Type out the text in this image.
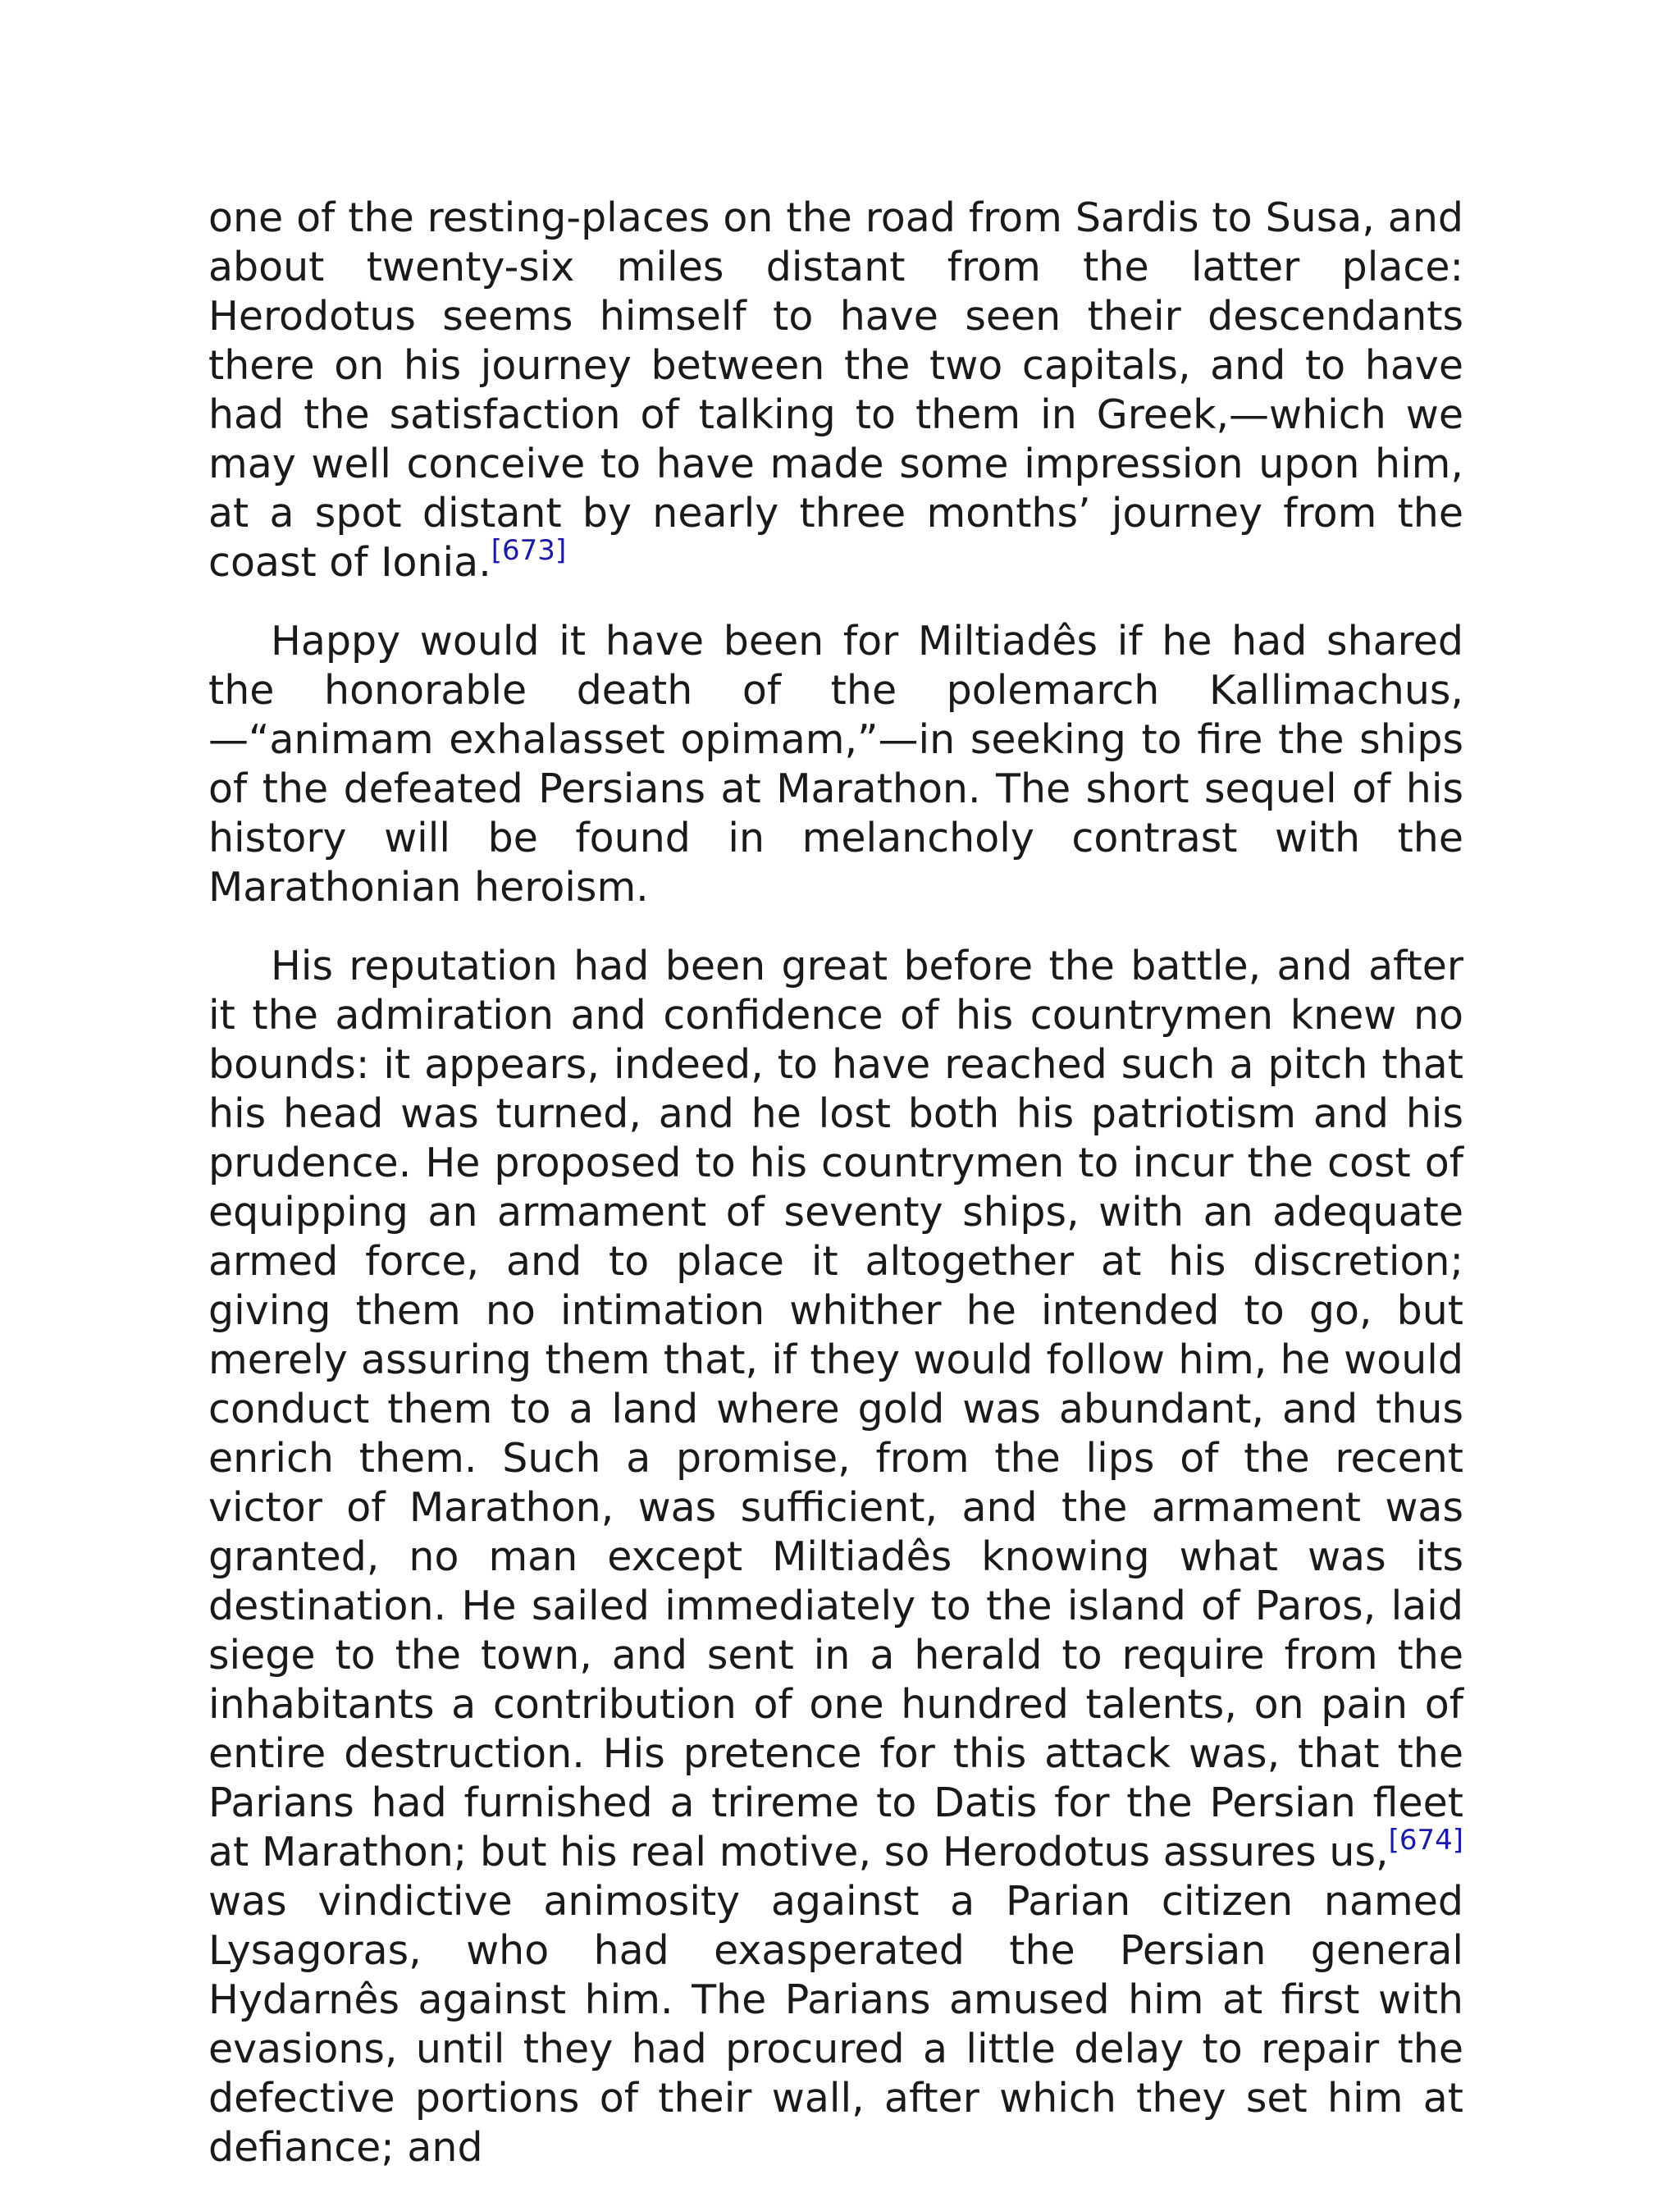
one of the resting-places on the road from Sardis to Susa, and about twenty-six miles distant from the latter place: Herodotus seems himself to have seen their descendants there on his journey between the two capitals, and to have had the satisfaction of talking to them in Greek,—which we may well conceive to have made some impression upon him, at a spot distant by nearly three months’ journey from the coast of Ionia.[673]

Happy would it have been for Miltiadês if he had shared the honorable death of the polemarch Kallimachus,—“animam exhalasset opimam,”—in seeking to fire the ships of the defeated Persians at Marathon. The short sequel of his history will be found in melancholy contrast with the Marathonian heroism.

His reputation had been great before the battle, and after it the admiration and confidence of his countrymen knew no bounds: it appears, indeed, to have reached such a pitch that his head was turned, and he lost both his patriotism and his prudence. He proposed to his countrymen to incur the cost of equipping an armament of seventy ships, with an adequate armed force, and to place it altogether at his discretion; giving them no intimation whither he intended to go, but merely assuring them that, if they would follow him, he would conduct them to a land where gold was abundant, and thus enrich them. Such a promise, from the lips of the recent victor of Marathon, was sufficient, and the armament was granted, no man except Miltiadês knowing what was its destination. He sailed immediately to the island of Paros, laid siege to the town, and sent in a herald to require from the inhabitants a contribution of one hundred talents, on pain of entire destruction. His pretence for this attack was, that the Parians had furnished a trireme to Datis for the Persian fleet at Marathon; but his real motive, so Herodotus assures us,[674] was vindictive animosity against a Parian citizen named Lysagoras, who had exasperated the Persian general Hydarnês against him. The Parians amused him at first with evasions, until they had procured a little delay to repair the defective portions of their wall, after which they set him at defiance; and
